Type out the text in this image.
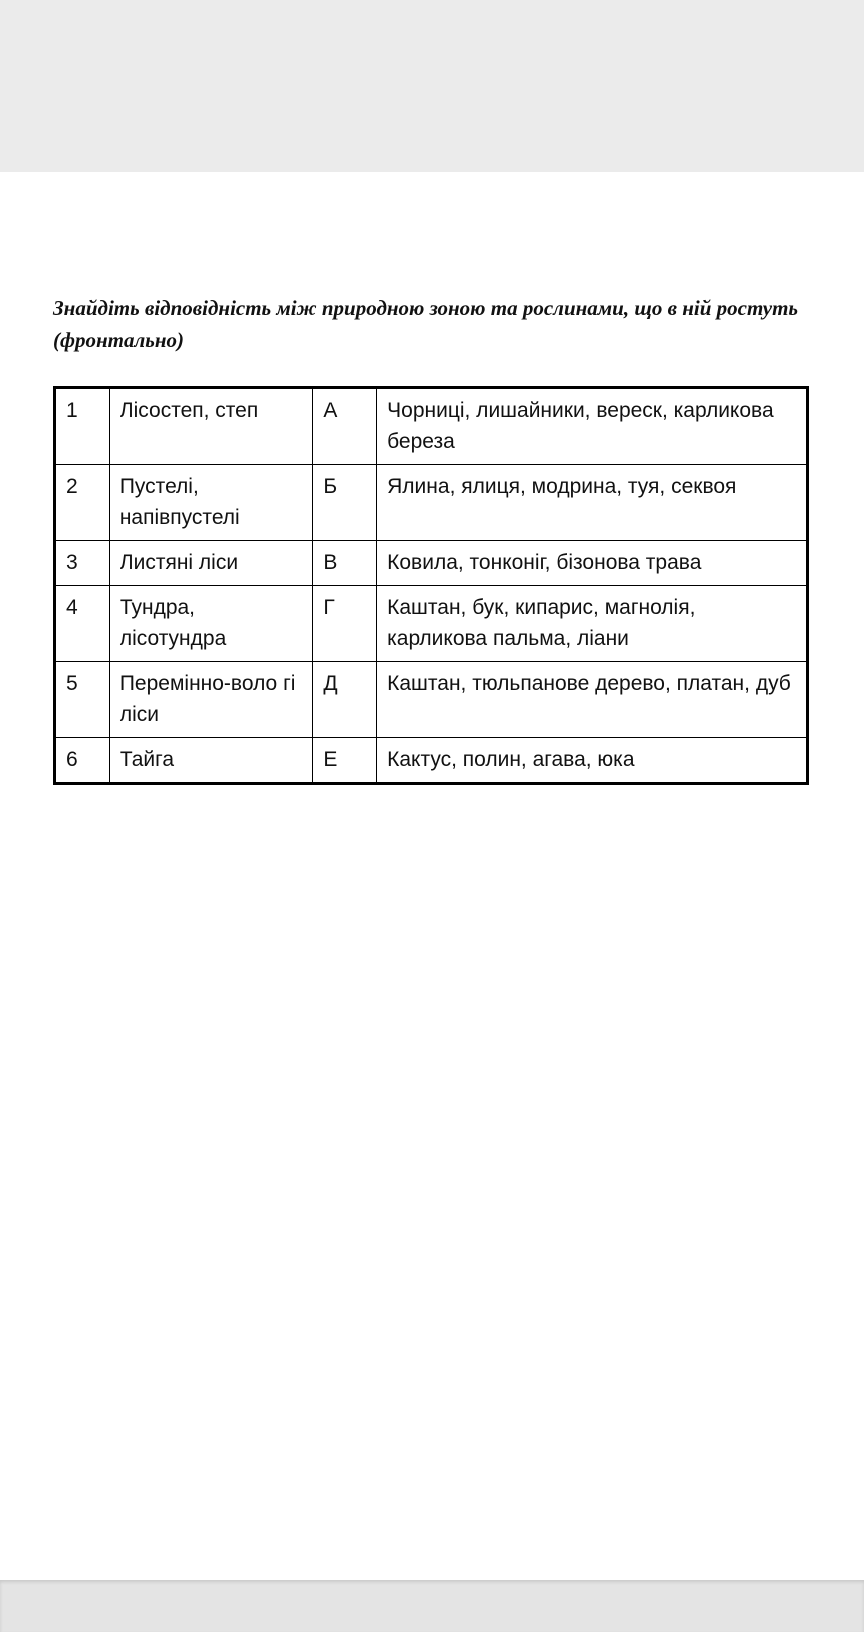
Знайдіть відповідність між природною зоною та рослинами, що в ній ростуть (фронтально)

1	Лісостеп, степ	А	Чорниці, лишайники, вереск, карликова береза
2	Пустелі, напівпустелі	Б	Ялина, ялиця, модрина, туя, секвоя
3	Листяні ліси	В	Ковила, тонконіг, бізонова трава
4	Тундра, лісотундра	Г	Каштан, бук, кипарис, магнолія, карликова пальма, ліани
5	Перемінно-воло гі ліси	Д	Каштан, тюльпанове дерево, платан, дуб
6	Тайга	Е	Кактус, полин, агава, юка
